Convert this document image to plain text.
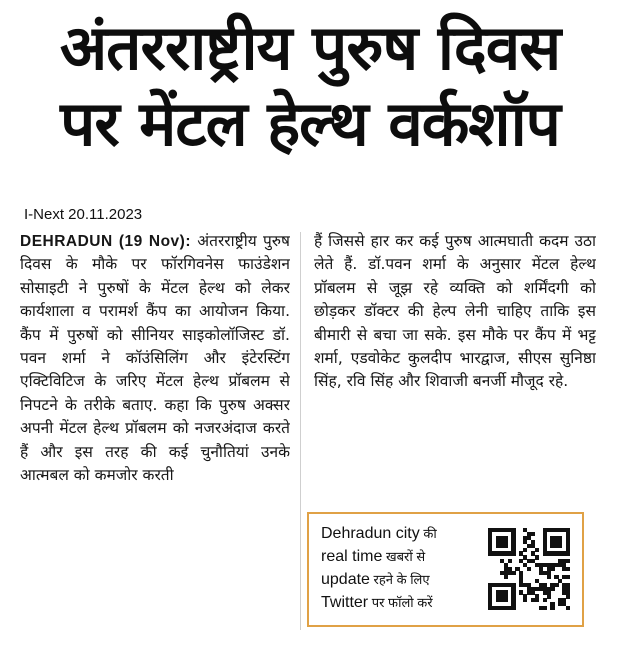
अंतरराष्ट्रीय पुरुष दिवस
पर मेंटल हेल्थ वर्कशॉप
I-Next 20.11.2023
DEHRADUN (19 Nov): अंतरराष्ट्रीय पुरुष दिवस के मौके पर फॉरगिवनेस फाउंडेशन सोसाइटी ने पुरुषों के मेंटल हेल्थ को लेकर कार्यशाला व परामर्श कैंप का आयोजन किया. कैंप में पुरुषों को सीनियर साइकोलॉजिस्ट डॉ. पवन शर्मा ने कॉउंसिलिंग और इंटेरस्टिंग एक्टिविटिज के जरिए मेंटल हेल्थ प्रॉबलम से निपटने के तरीके बताए. कहा कि पुरुष अक्सर अपनी मेंटल हेल्थ प्रॉबलम को नजरअंदाज करते हैं और इस तरह की कई चुनौतियां उनके आत्मबल को कमजोर करती
हैं जिससे हार कर कई पुरुष आत्मघाती कदम उठा लेते हैं. डॉ.पवन शर्मा के अनुसार मेंटल हेल्थ प्रॉबलम से जूझ रहे व्यक्ति को शर्मिंदगी को छोड़कर डॉक्टर की हेल्प लेनी चाहिए ताकि इस बीमारी से बचा जा सके. इस मौके पर कैंप में भट्ट शर्मा, एडवोकेट कुलदीप भारद्वाज, सीएस सुनिष्ठा सिंह, रवि सिंह और शिवाजी बनर्जी मौजूद रहे.
Dehradun city की
real time खबरों से
update रहने के लिए
Twitter पर फॉलो करें
